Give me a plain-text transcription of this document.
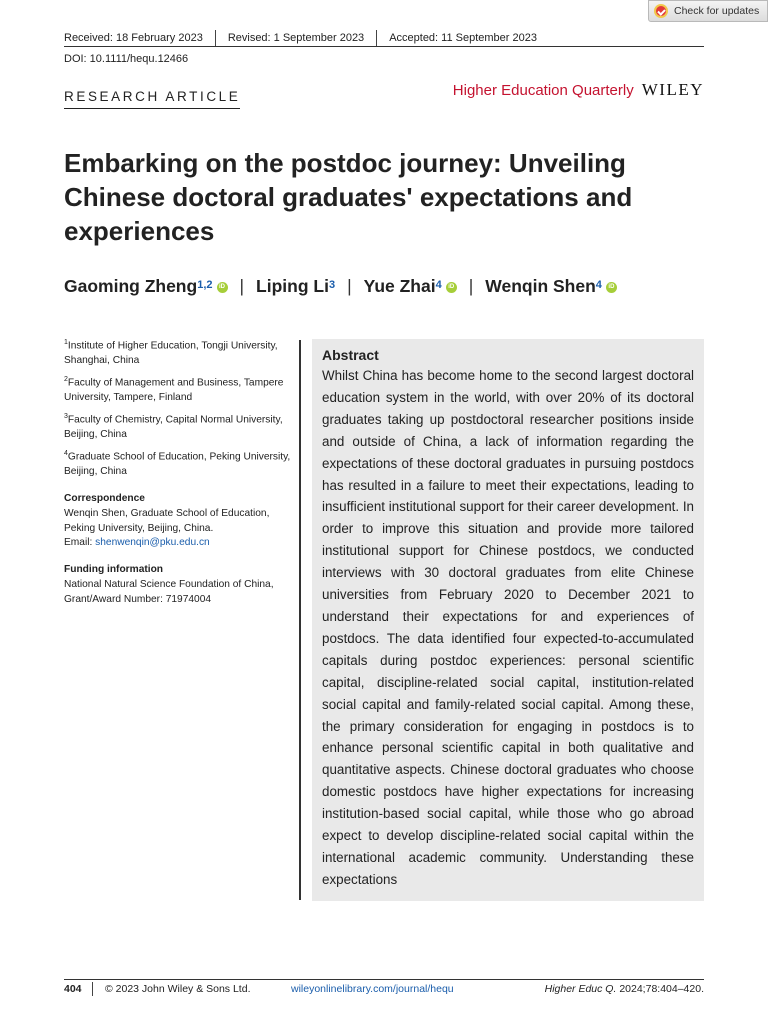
Check for updates
Received: 18 February 2023 Revised: 1 September 2023 Accepted: 11 September 2023
DOI: 10.1111/hequ.12466
RESEARCH ARTICLE	Higher Education Quarterly WILEY
Embarking on the postdoc journey: Unveiling Chinese doctoral graduates' expectations and experiences
Gaoming Zheng$^{1,2}$	iD | Liping Li$^3$ | Yue Zhai$^4$	iD | Wenqin Shen$^4$	iD
$^1$Institute of Higher Education, Tongji University, Shanghai, China
$^2$Faculty of Management and Business, Tampere University, Tampere, Finland
$^3$Faculty of Chemistry, Capital Normal University, Beijing, China
$^4$Graduate School of Education, Peking University, Beijing, China
Correspondence
Wenqin Shen, Graduate School of Education, Peking University, Beijing, China.
Email: shenwenqin@pku.edu.cn
Funding information
National Natural Science Foundation of China, Grant/Award Number: 71974004
Abstract

Whilst China has become home to the second largest doctoral education system in the world, with over 20% of its doctoral graduates taking up postdoctoral researcher positions inside and outside of China, a lack of information regarding the expectations of these doctoral graduates in pursuing postdocs has resulted in a failure to meet their expectations, leading to insufficient institutional support for their career development. In order to improve this situation and provide more tailored institutional support for Chinese postdocs, we conducted interviews with 30 doctoral graduates from elite Chinese universities from February 2020 to December 2021 to understand their expectations for and experiences of postdocs. The data identified four expected-to-accumulated capitals during postdoc experiences: personal scientific capital, discipline-related social capital, institution-related social capital and family-related social capital. Among these, the primary consideration for engaging in postdocs is to enhance personal scientific capital in both qualitative and quantitative aspects. Chinese doctoral graduates who choose domestic postdocs have higher expectations for increasing institution-based social capital, while those who go abroad expect to develop discipline-related social capital within the international academic community. Understanding these expectations

404	© 2023 John Wiley & Sons Ltd.	wileyonlinelibrary.com/journal/hequ	Higher Educ Q. 2024;78:404–420.
